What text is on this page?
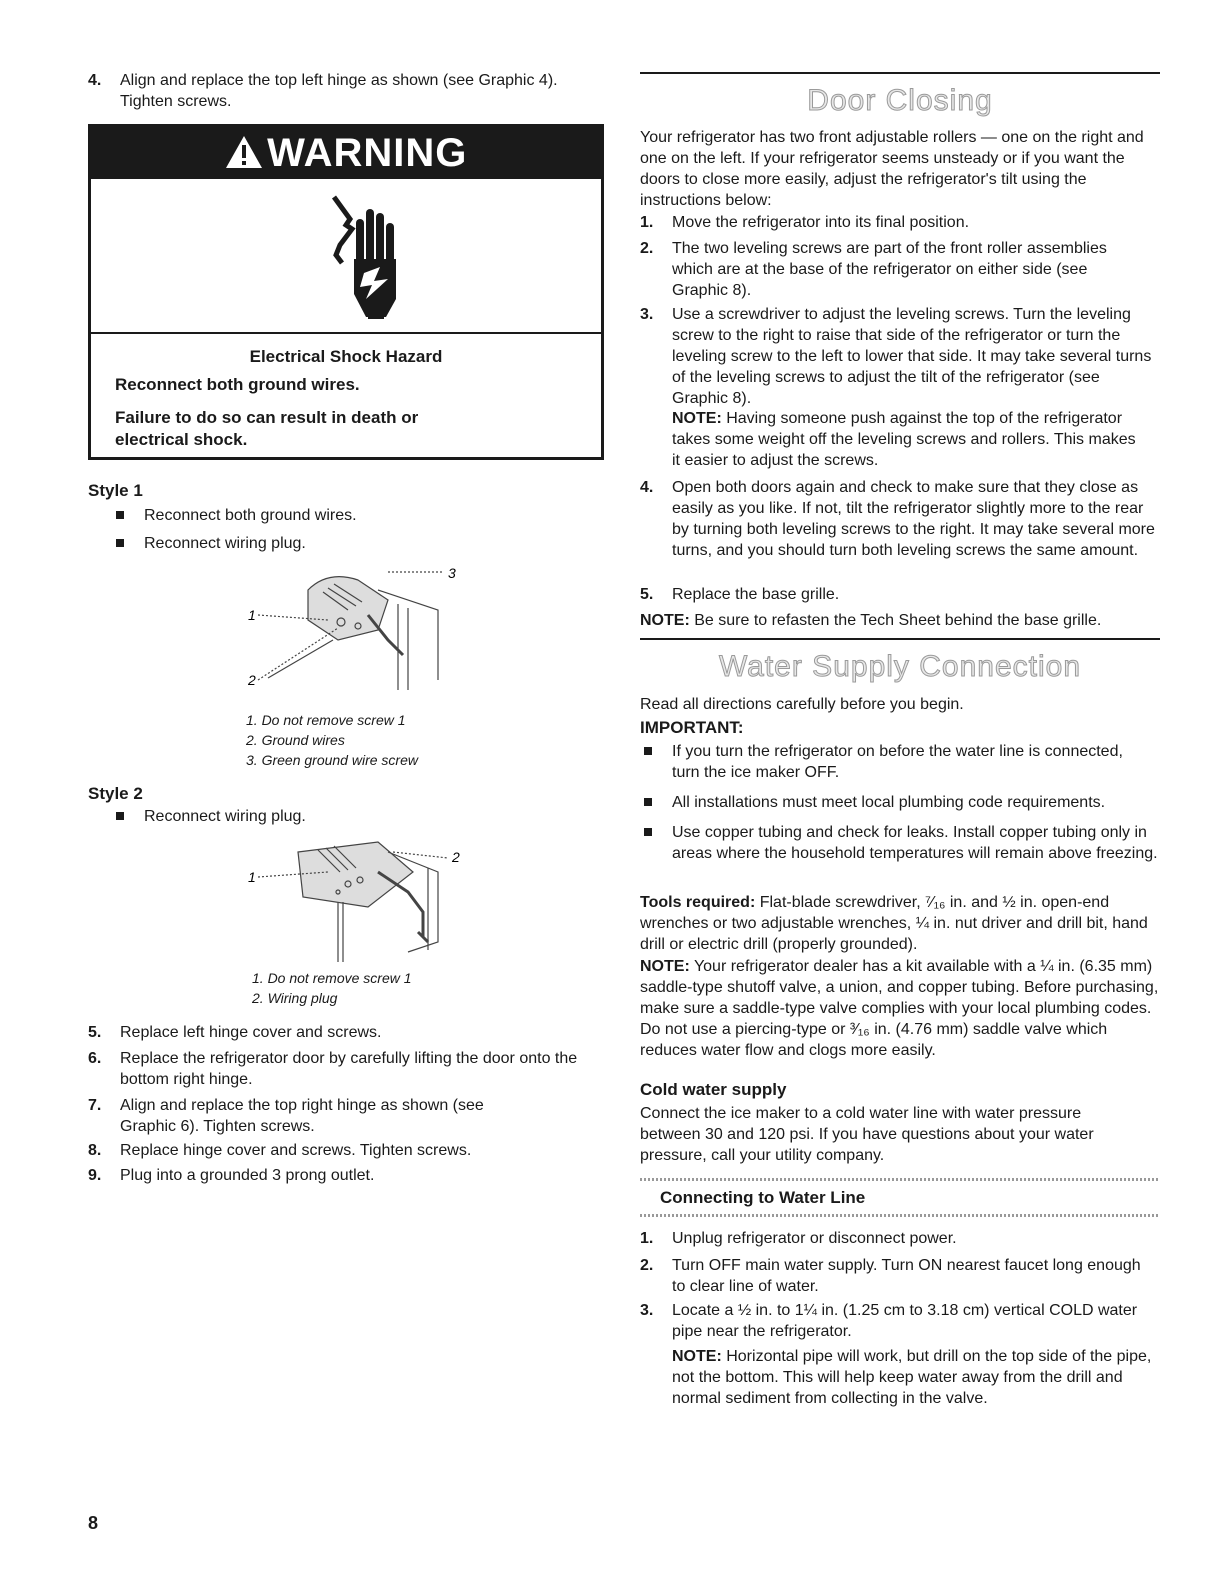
4. Align and replace the top left hinge as shown (see Graphic 4). Tighten screws.
WARNING
Electrical Shock Hazard
Reconnect both ground wires.
Failure to do so can result in death or electrical shock.
Style 1
Reconnect both ground wires.
Reconnect wiring plug.
1
3
2
1. Do not remove screw 1
2. Ground wires
3. Green ground wire screw
Style 2
Reconnect wiring plug.
1
2
1. Do not remove screw 1
2. Wiring plug
5. Replace left hinge cover and screws.
6. Replace the refrigerator door by carefully lifting the door onto the bottom right hinge.
7. Align and replace the top right hinge as shown (see Graphic 6). Tighten screws.
8. Replace hinge cover and screws. Tighten screws.
9. Plug into a grounded 3 prong outlet.
8
Door Closing
Your refrigerator has two front adjustable rollers — one on the right and one on the left. If your refrigerator seems unsteady or if you want the doors to close more easily, adjust the refrigerator's tilt using the instructions below:
1. Move the refrigerator into its final position.
2. The two leveling screws are part of the front roller assemblies which are at the base of the refrigerator on either side (see Graphic 8).
3. Use a screwdriver to adjust the leveling screws. Turn the leveling screw to the right to raise that side of the refrigerator or turn the leveling screw to the left to lower that side. It may take several turns of the leveling screws to adjust the tilt of the refrigerator (see Graphic 8).
NOTE: Having someone push against the top of the refrigerator takes some weight off the leveling screws and rollers. This makes it easier to adjust the screws.
4. Open both doors again and check to make sure that they close as easily as you like. If not, tilt the refrigerator slightly more to the rear by turning both leveling screws to the right. It may take several more turns, and you should turn both leveling screws the same amount.
5. Replace the base grille.
NOTE: Be sure to refasten the Tech Sheet behind the base grille.
Water Supply Connection
Read all directions carefully before you begin.
IMPORTANT:
If you turn the refrigerator on before the water line is connected, turn the ice maker OFF.
All installations must meet local plumbing code requirements.
Use copper tubing and check for leaks. Install copper tubing only in areas where the household temperatures will remain above freezing.
Tools required: Flat-blade screwdriver, ⁷⁄₁₆ in. and ½ in. open-end wrenches or two adjustable wrenches, ¼ in. nut driver and drill bit, hand drill or electric drill (properly grounded).
NOTE: Your refrigerator dealer has a kit available with a ¼ in. (6.35 mm) saddle-type shutoff valve, a union, and copper tubing. Before purchasing, make sure a saddle-type valve complies with your local plumbing codes. Do not use a piercing-type or ³⁄₁₆ in. (4.76 mm) saddle valve which reduces water flow and clogs more easily.
Cold water supply
Connect the ice maker to a cold water line with water pressure between 30 and 120 psi. If you have questions about your water pressure, call your utility company.
Connecting to Water Line
1. Unplug refrigerator or disconnect power.
2. Turn OFF main water supply. Turn ON nearest faucet long enough to clear line of water.
3. Locate a ½ in. to 1¼ in. (1.25 cm to 3.18 cm) vertical COLD water pipe near the refrigerator.
NOTE: Horizontal pipe will work, but drill on the top side of the pipe, not the bottom. This will help keep water away from the drill and normal sediment from collecting in the valve.
